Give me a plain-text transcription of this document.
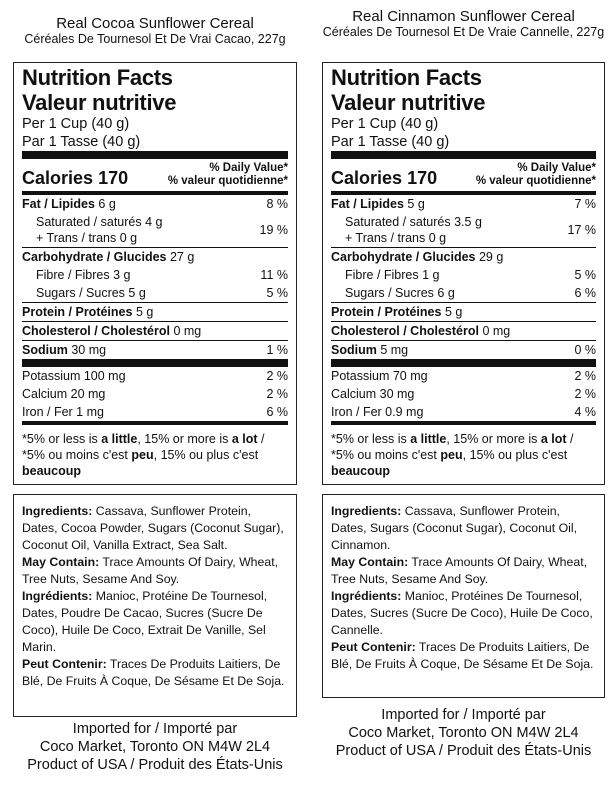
Real Cocoa Sunflower Cereal
Céréales De Tournesol Et De Vrai Cacao, 227g
Nutrition Facts
Valeur nutritive
Per 1 Cup (40 g)
Par 1 Tasse (40 g)
Calories 170	% Daily Value*
% valeur quotidienne*
Fat / Lipides 6 g	8 %
Saturated / saturés 4 g
+ Trans / trans 0 g
19 %
Carbohydrate / Glucides 27 g
Fibre / Fibres 3 g	11 %
Sugars / Sucres 5 g	5 %
Protein / Protéines 5 g
Cholesterol / Cholestérol 0 mg
Sodium 30 mg	1 %
Potassium 100 mg	2 %
Calcium 20 mg	2 %
Iron / Fer 1 mg	6 %
*5% or less is a little, 15% or more is a lot / *5% ou moins c'est peu, 15% ou plus c'est beaucoup

Ingredients: Cassava, Sunflower Protein, Dates, Cocoa Powder, Sugars (Coconut Sugar), Coconut Oil, Vanilla Extract, Sea Salt.

May Contain: Trace Amounts Of Dairy, Wheat, Tree Nuts, Sesame And Soy.

Ingrédients: Manioc, Protéine De Tournesol, Dates, Poudre De Cacao, Sucres (Sucre De Coco), Huile De Coco, Extrait De Vanille, Sel Marin.

Peut Contenir: Traces De Produits Laitiers, De Blé, De Fruits À Coque, De Sésame Et De Soja.

Imported for / Importé par
Coco Market, Toronto ON M4W 2L4
Product of USA / Produit des États-Unis
Real Cinnamon Sunflower Cereal
Céréales De Tournesol Et De Vraie Cannelle, 227g
Nutrition Facts
Valeur nutritive
Per 1 Cup (40 g)
Par 1 Tasse (40 g)
Calories 170	% Daily Value*
% valeur quotidienne*
Fat / Lipides 5 g	7 %
Saturated / saturés 3.5 g
+ Trans / trans 0 g
17 %
Carbohydrate / Glucides 29 g
Fibre / Fibres 1 g	5 %
Sugars / Sucres 6 g	6 %
Protein / Protéines 5 g
Cholesterol / Cholestérol 0 mg
Sodium 5 mg	0 %
Potassium 70 mg	2 %
Calcium 30 mg	2 %
Iron / Fer 0.9 mg	4 %
*5% or less is a little, 15% or more is a lot / *5% ou moins c'est peu, 15% ou plus c'est beaucoup

Ingredients: Cassava, Sunflower Protein, Dates, Sugars (Coconut Sugar), Coconut Oil, Cinnamon.

May Contain: Trace Amounts Of Dairy, Wheat, Tree Nuts, Sesame And Soy.

Ingrédients: Manioc, Protéines De Tournesol, Dates, Sucres (Sucre De Coco), Huile De Coco, Cannelle.

Peut Contenir: Traces De Produits Laitiers, De Blé, De Fruits À Coque, De Sésame Et De Soja.

Imported for / Importé par
Coco Market, Toronto ON M4W 2L4
Product of USA / Produit des États-Unis
